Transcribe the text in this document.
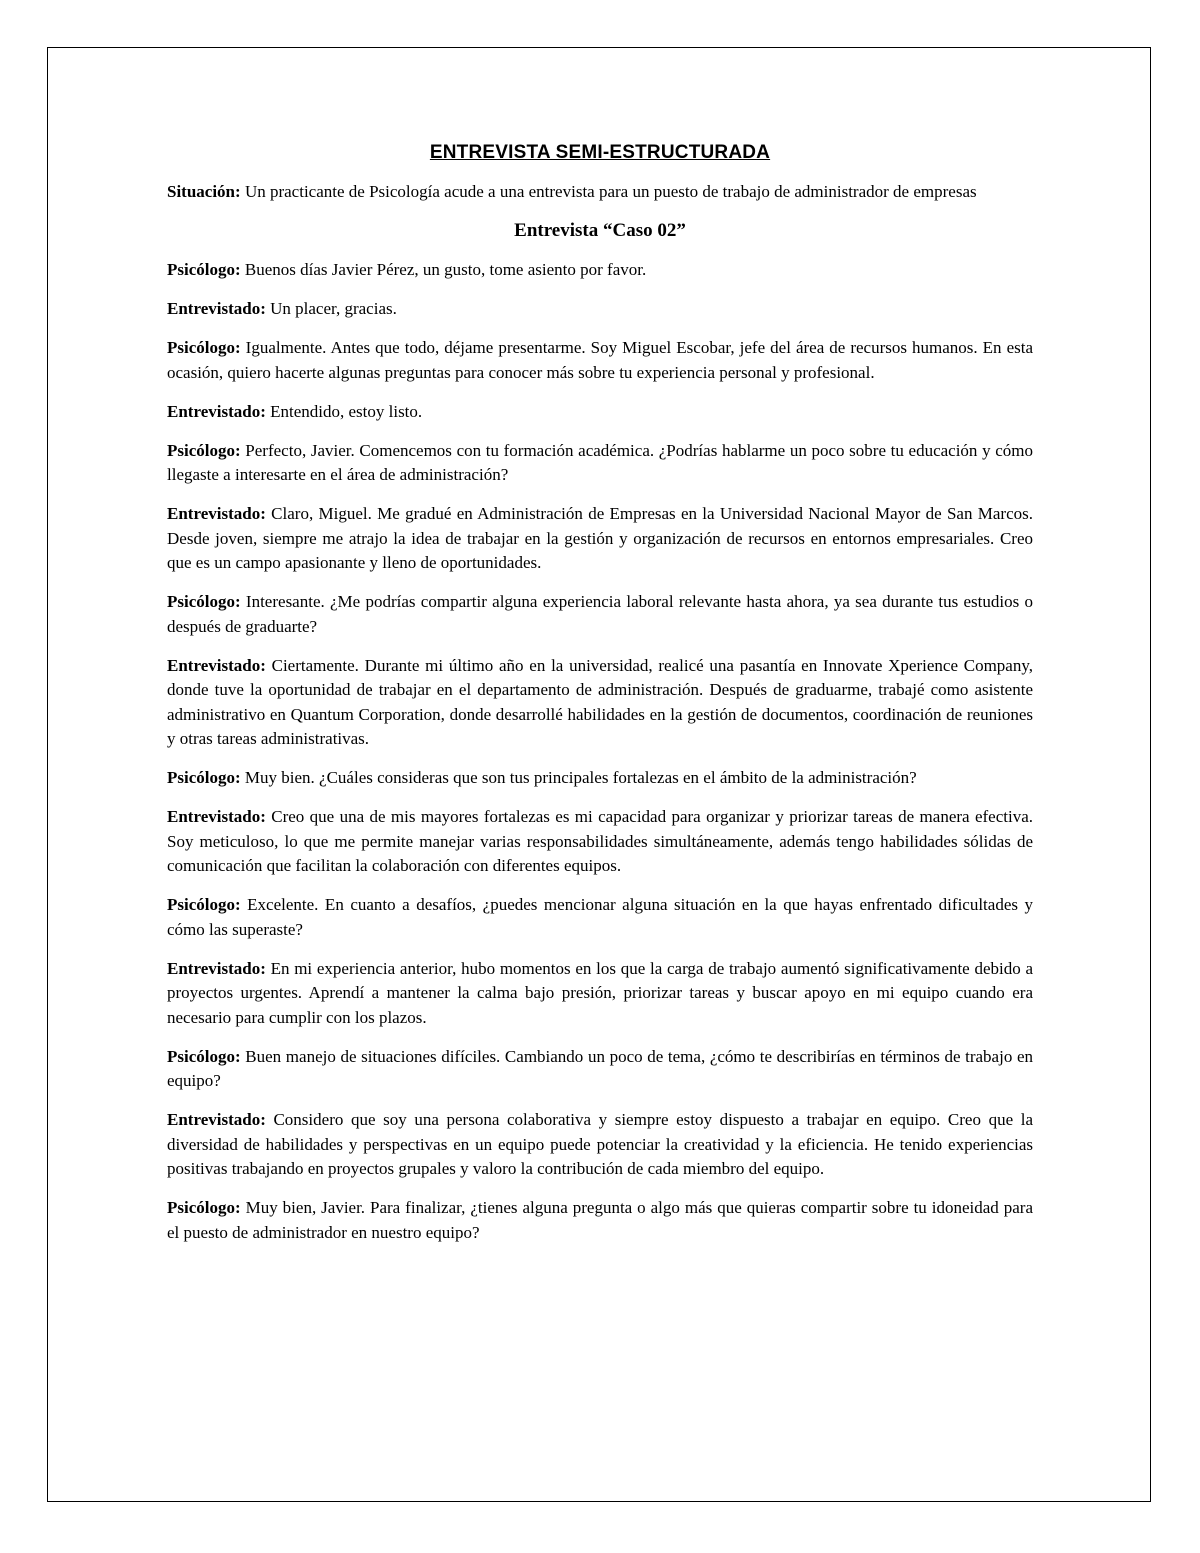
ENTREVISTA SEMI-ESTRUCTURADA

Situación: Un practicante de Psicología acude a una entrevista para un puesto de trabajo de administrador de empresas

Entrevista “Caso 02”

Psicólogo: Buenos días Javier Pérez, un gusto, tome asiento por favor.

Entrevistado: Un placer, gracias.

Psicólogo: Igualmente. Antes que todo, déjame presentarme. Soy Miguel Escobar, jefe del área de recursos humanos. En esta ocasión, quiero hacerte algunas preguntas para conocer más sobre tu experiencia personal y profesional.

Entrevistado: Entendido, estoy listo.

Psicólogo: Perfecto, Javier. Comencemos con tu formación académica. ¿Podrías hablarme un poco sobre tu educación y cómo llegaste a interesarte en el área de administración?

Entrevistado: Claro, Miguel. Me gradué en Administración de Empresas en la Universidad Nacional Mayor de San Marcos. Desde joven, siempre me atrajo la idea de trabajar en la gestión y organización de recursos en entornos empresariales. Creo que es un campo apasionante y lleno de oportunidades.

Psicólogo: Interesante. ¿Me podrías compartir alguna experiencia laboral relevante hasta ahora, ya sea durante tus estudios o después de graduarte?

Entrevistado: Ciertamente. Durante mi último año en la universidad, realicé una pasantía en Innovate Xperience Company, donde tuve la oportunidad de trabajar en el departamento de administración. Después de graduarme, trabajé como asistente administrativo en Quantum Corporation, donde desarrollé habilidades en la gestión de documentos, coordinación de reuniones y otras tareas administrativas.

Psicólogo: Muy bien. ¿Cuáles consideras que son tus principales fortalezas en el ámbito de la administración?

Entrevistado: Creo que una de mis mayores fortalezas es mi capacidad para organizar y priorizar tareas de manera efectiva. Soy meticuloso, lo que me permite manejar varias responsabilidades simultáneamente, además tengo habilidades sólidas de comunicación que facilitan la colaboración con diferentes equipos.

Psicólogo: Excelente. En cuanto a desafíos, ¿puedes mencionar alguna situación en la que hayas enfrentado dificultades y cómo las superaste?

Entrevistado: En mi experiencia anterior, hubo momentos en los que la carga de trabajo aumentó significativamente debido a proyectos urgentes. Aprendí a mantener la calma bajo presión, priorizar tareas y buscar apoyo en mi equipo cuando era necesario para cumplir con los plazos.

Psicólogo: Buen manejo de situaciones difíciles. Cambiando un poco de tema, ¿cómo te describirías en términos de trabajo en equipo?

Entrevistado: Considero que soy una persona colaborativa y siempre estoy dispuesto a trabajar en equipo. Creo que la diversidad de habilidades y perspectivas en un equipo puede potenciar la creatividad y la eficiencia. He tenido experiencias positivas trabajando en proyectos grupales y valoro la contribución de cada miembro del equipo.

Psicólogo: Muy bien, Javier. Para finalizar, ¿tienes alguna pregunta o algo más que quieras compartir sobre tu idoneidad para el puesto de administrador en nuestro equipo?
